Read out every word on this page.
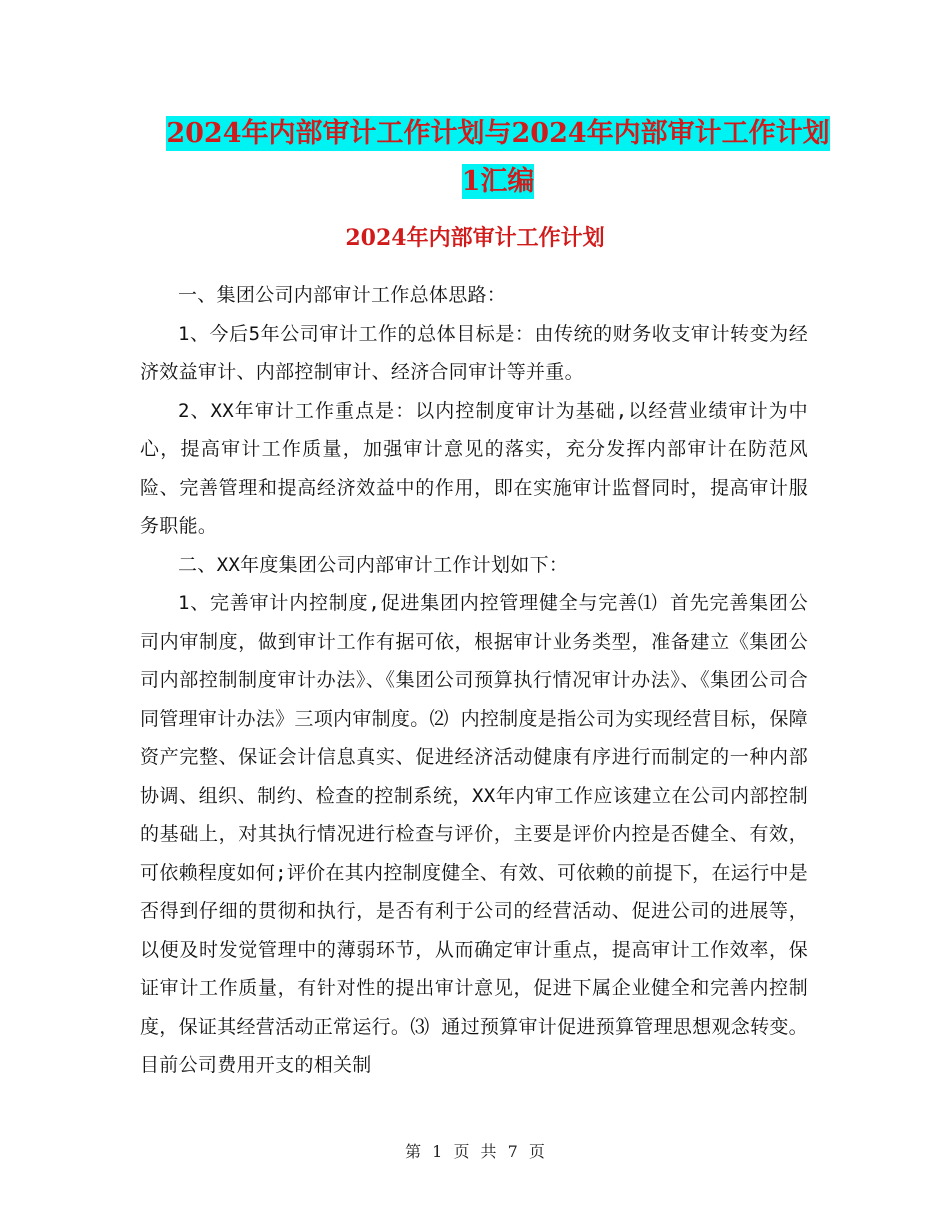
2024年内部审计工作计划与2024年内部审计工作计划
1汇编
2024年内部审计工作计划

一、集团公司内部审计工作总体思路：

1、今后5年公司审计工作的总体目标是：由传统的财务收支审计转变为经济效益审计、内部控制审计、经济合同审计等并重。

2、XX年审计工作重点是：以内控制度审计为基础,以经营业绩审计为中心，提高审计工作质量，加强审计意见的落实，充分发挥内部审计在防范风险、完善管理和提高经济效益中的作用，即在实施审计监督同时，提高审计服务职能。

二、XX年度集团公司内部审计工作计划如下：

1、完善审计内控制度,促进集团内控管理健全与完善⑴ 首先完善集团公司内审制度，做到审计工作有据可依，根据审计业务类型，准备建立《集团公司内部控制制度审计办法》、《集团公司预算执行情况审计办法》、《集团公司合同管理审计办法》三项内审制度。⑵ 内控制度是指公司为实现经营目标，保障资产完整、保证会计信息真实、促进经济活动健康有序进行而制定的一种内部协调、组织、制约、检查的控制系统，XX年内审工作应该建立在公司内部控制的基础上，对其执行情况进行检查与评价，主要是评价内控是否健全、有效，可依赖程度如何;评价在其内控制度健全、有效、可依赖的前提下，在运行中是否得到仔细的贯彻和执行，是否有利于公司的经营活动、促进公司的进展等，以便及时发觉管理中的薄弱环节，从而确定审计重点，提高审计工作效率，保证审计工作质量，有针对性的提出审计意见，促进下属企业健全和完善内控制度，保证其经营活动正常运行。⑶ 通过预算审计促进预算管理思想观念转变。目前公司费用开支的相关制

第 1 页 共 7 页
